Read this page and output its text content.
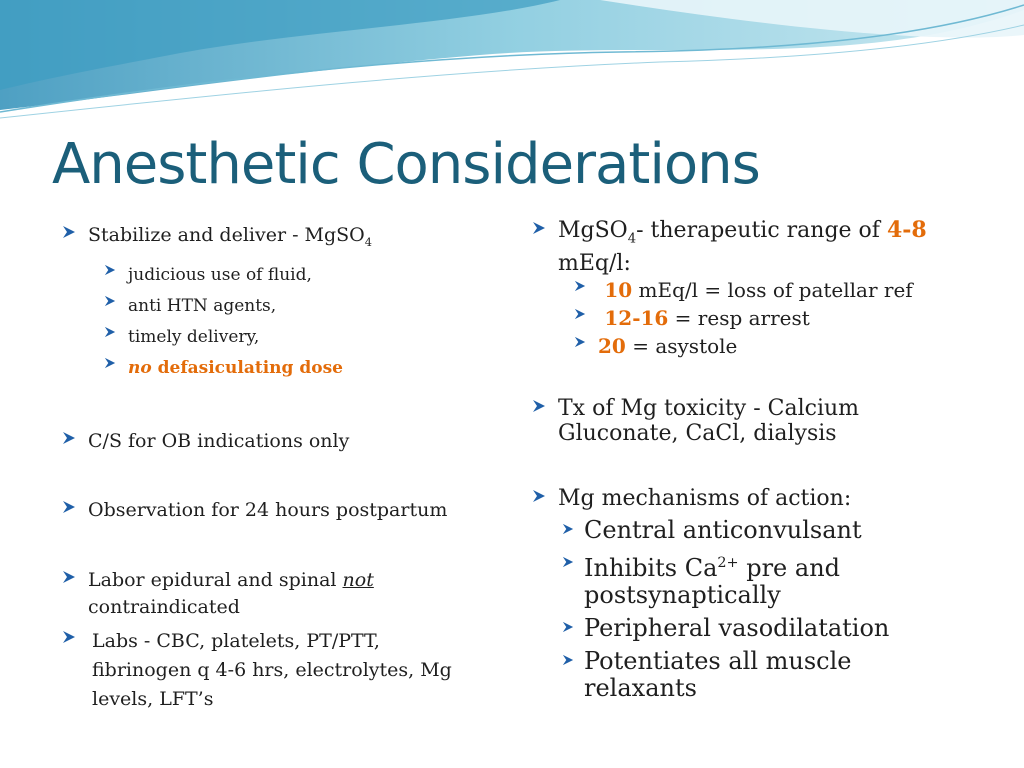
Anesthetic Considerations
Stabilize and deliver - MgSO$_4$
judicious use of fluid,
anti HTN agents,
timely delivery,
no defasiculating dose
C/S for OB indications only
Observation for 24 hours postpartum
Labor epidural and spinal not
contraindicated
Labs - CBC, platelets, PT/PTT,
fibrinogen q 4-6 hrs, electrolytes, Mg
levels, LFT’s
MgSO$_4$- therapeutic range of 4-8
mEq/l:
10 mEq/l = loss of patellar ref
12-16 = resp arrest
20 = asystole
Tx of Mg toxicity - Calcium
Gluconate, CaCl, dialysis
Mg mechanisms of action:
Central anticonvulsant
Inhibits $Ca^{2+}$ pre and
postsynaptically
Peripheral vasodilatation
Potentiates all muscle
relaxants
